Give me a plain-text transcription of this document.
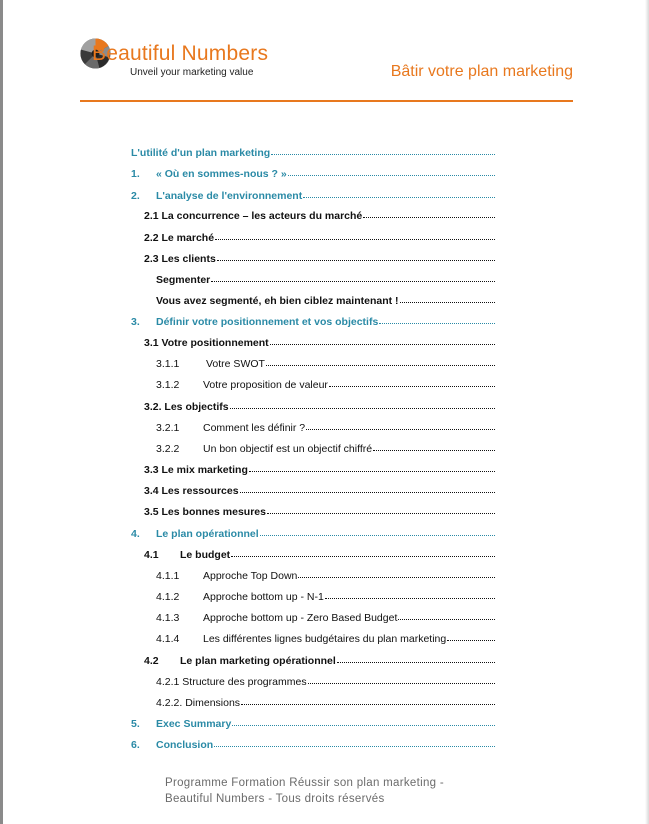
Beautiful Numbers
Unveil your marketing value	Bâtir votre plan marketing
L'utilité d'un plan marketing
1.	« Où en sommes-nous ? »
2.	L'analyse de l'environnement
2.1 La concurrence – les acteurs du marché
2.2 Le marché
2.3 Les clients
Segmenter
Vous avez segmenté, eh bien ciblez maintenant !
3.	Définir votre positionnement et vos objectifs
3.1 Votre positionnement
3.1.1	Votre SWOT
3.1.2	Votre proposition de valeur
3.2. Les objectifs
3.2.1	Comment les définir ?
3.2.2	Un bon objectif est un objectif chiffré
3.3 Le mix marketing
3.4 Les ressources
3.5 Les bonnes mesures
4.	Le plan opérationnel
4.1	Le budget
4.1.1	Approche Top Down
4.1.2	Approche bottom up - N-1
4.1.3	Approche bottom up - Zero Based Budget
4.1.4	Les différentes lignes budgétaires du plan marketing
4.2	Le plan marketing opérationnel
4.2.1 Structure des programmes
4.2.2. Dimensions
5.	Exec Summary
6.	Conclusion
Programme Formation Réussir son plan marketing -
Beautiful Numbers - Tous droits réservés
